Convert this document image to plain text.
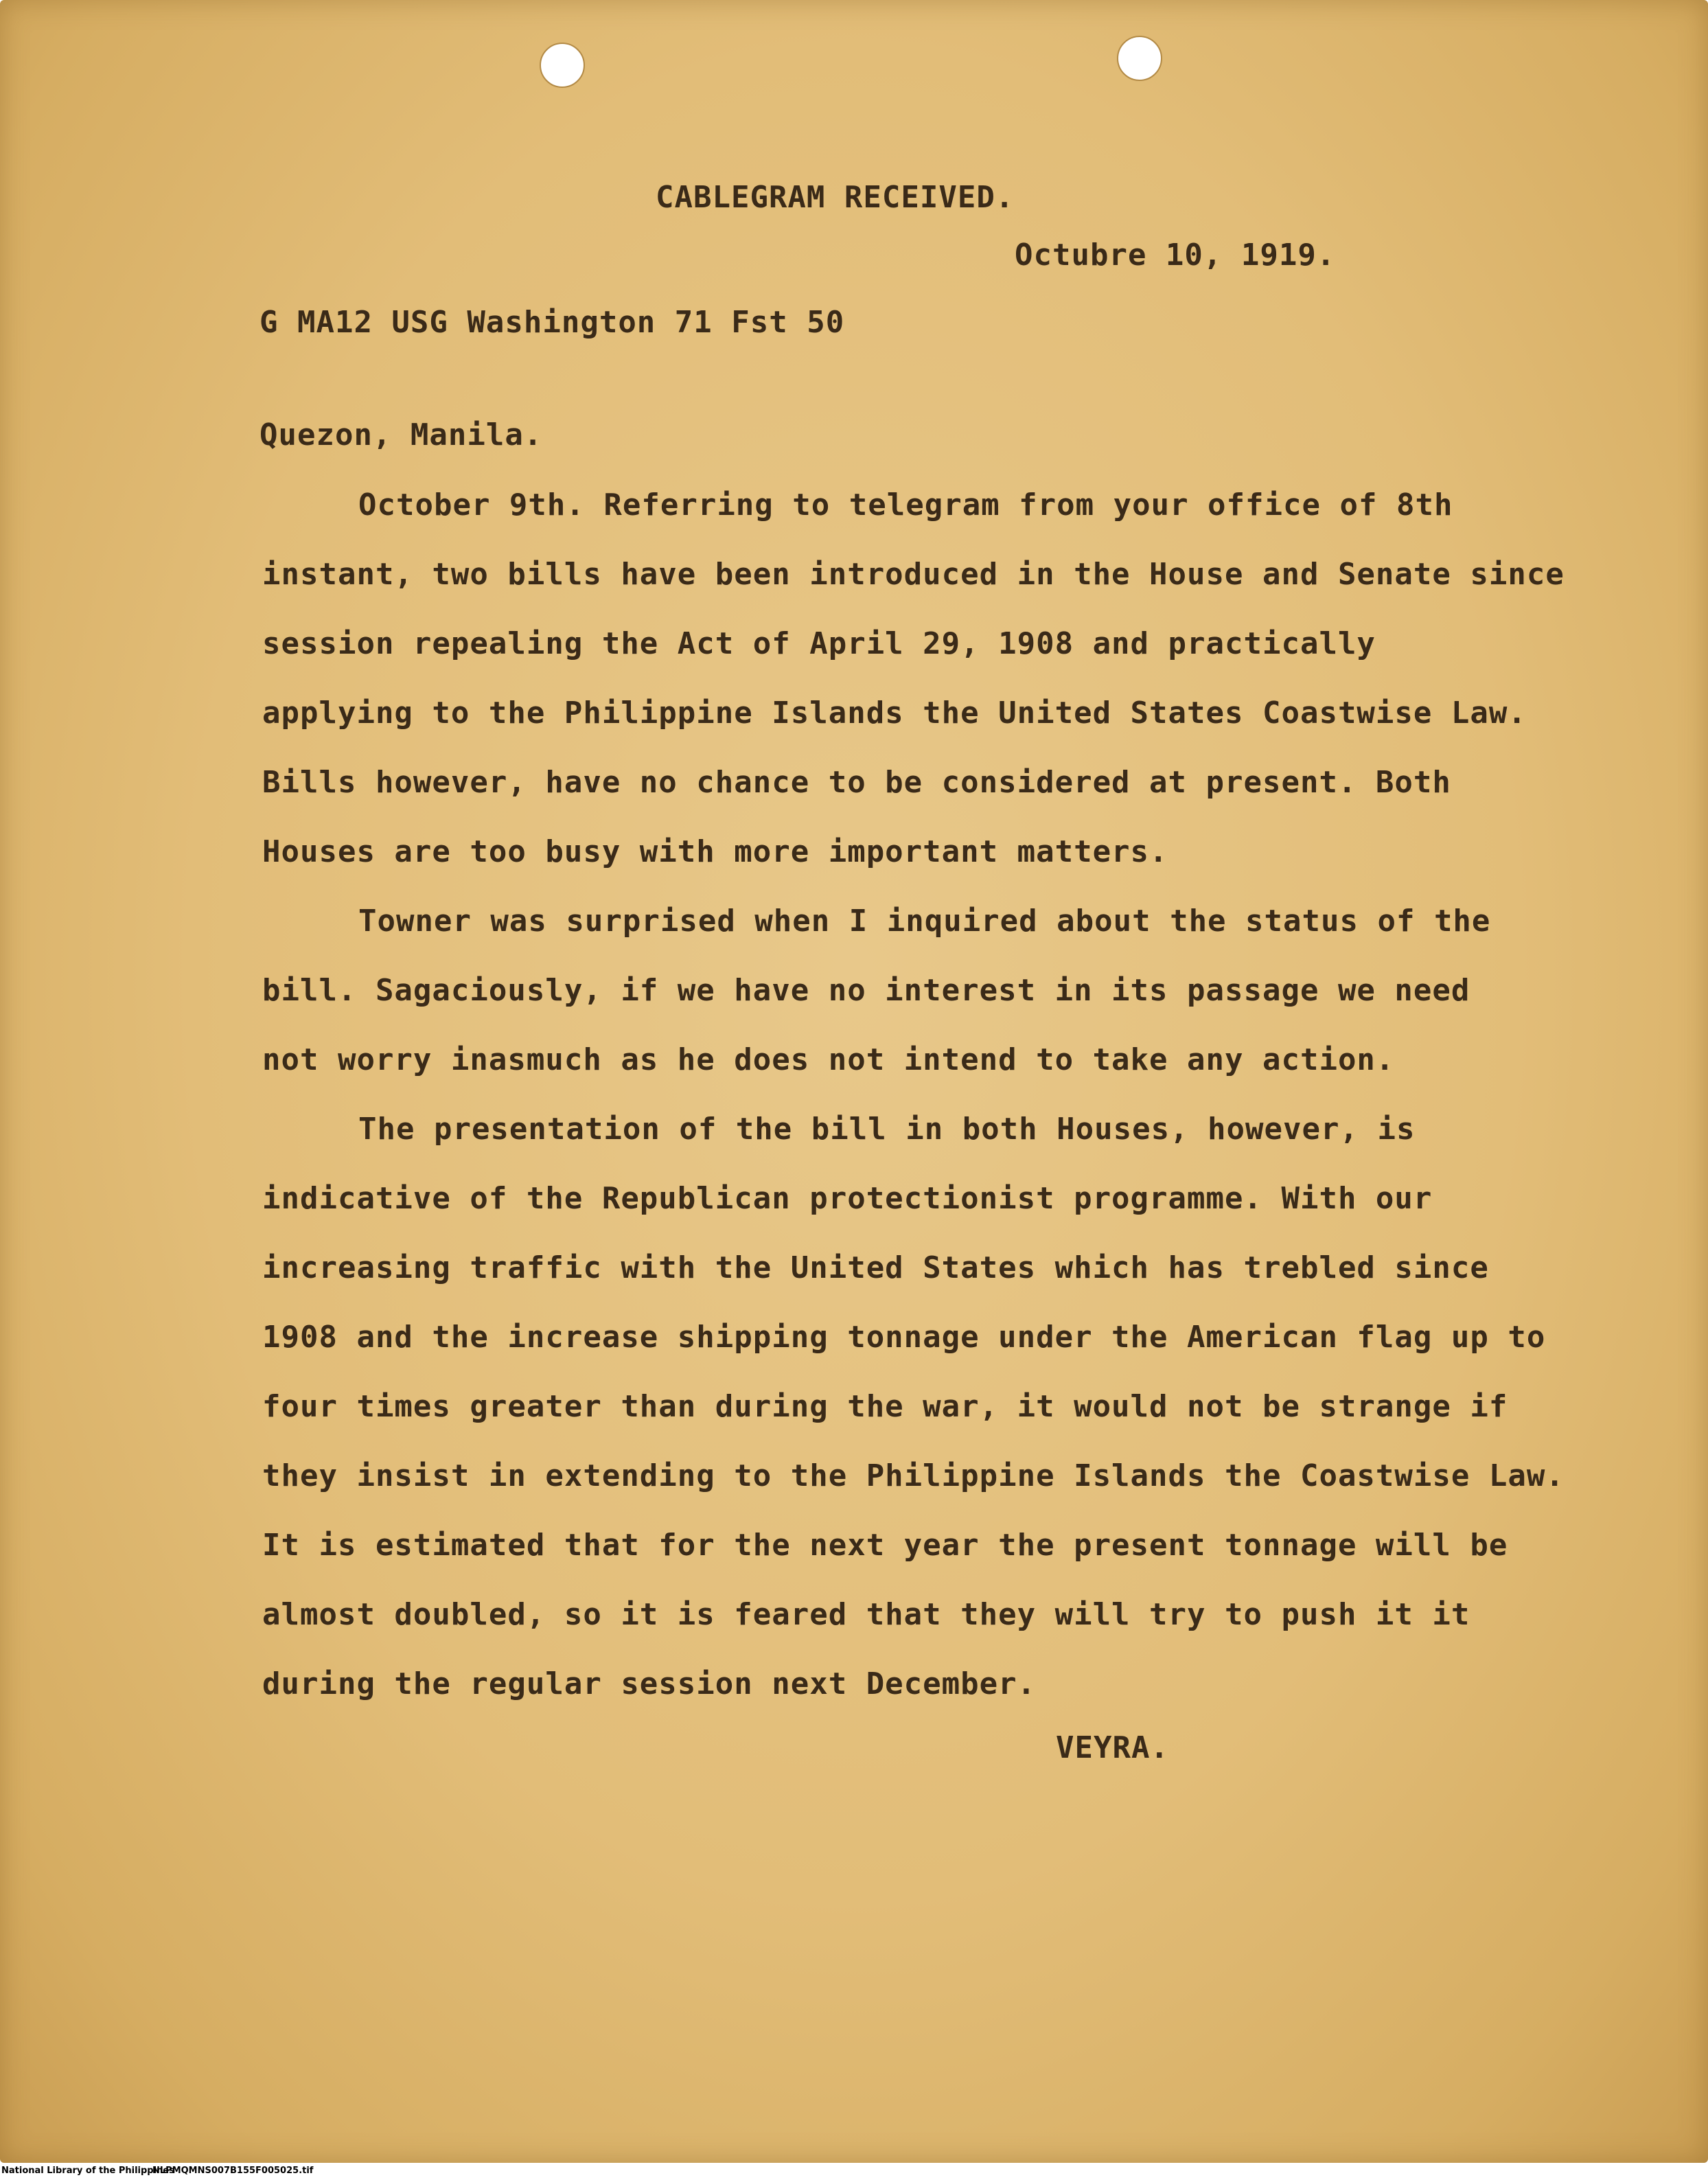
CABLEGRAM RECEIVED.
Octubre 10, 1919.
G MA12 USG Washington 71 Fst 50
Quezon, Manila.
October 9th. Referring to telegram from your office of 8th
instant, two bills have been introduced in the House and Senate since
session repealing the Act of April 29, 1908 and practically
applying to the Philippine Islands the United States Coastwise Law.
Bills however, have no chance to be considered at present. Both
Houses are too busy with more important matters.
Towner was surprised when I inquired about the status of the
bill. Sagaciously, if we have no interest in its passage we need
not worry inasmuch as he does not intend to take any action.
The presentation of the bill in both Houses, however, is
indicative of the Republican protectionist programme. With our
increasing traffic with the United States which has trebled since
1908 and the increase shipping tonnage under the American flag up to
four times greater than during the war, it would not be strange if
they insist in extending to the Philippine Islands the Coastwise Law.
It is estimated that for the next year the present tonnage will be
almost doubled, so it is feared that they will try to push it it
during the regular session next December.
VEYRA.
National Library of the Philippines
NLPMQMNS007B155F005025.tif
